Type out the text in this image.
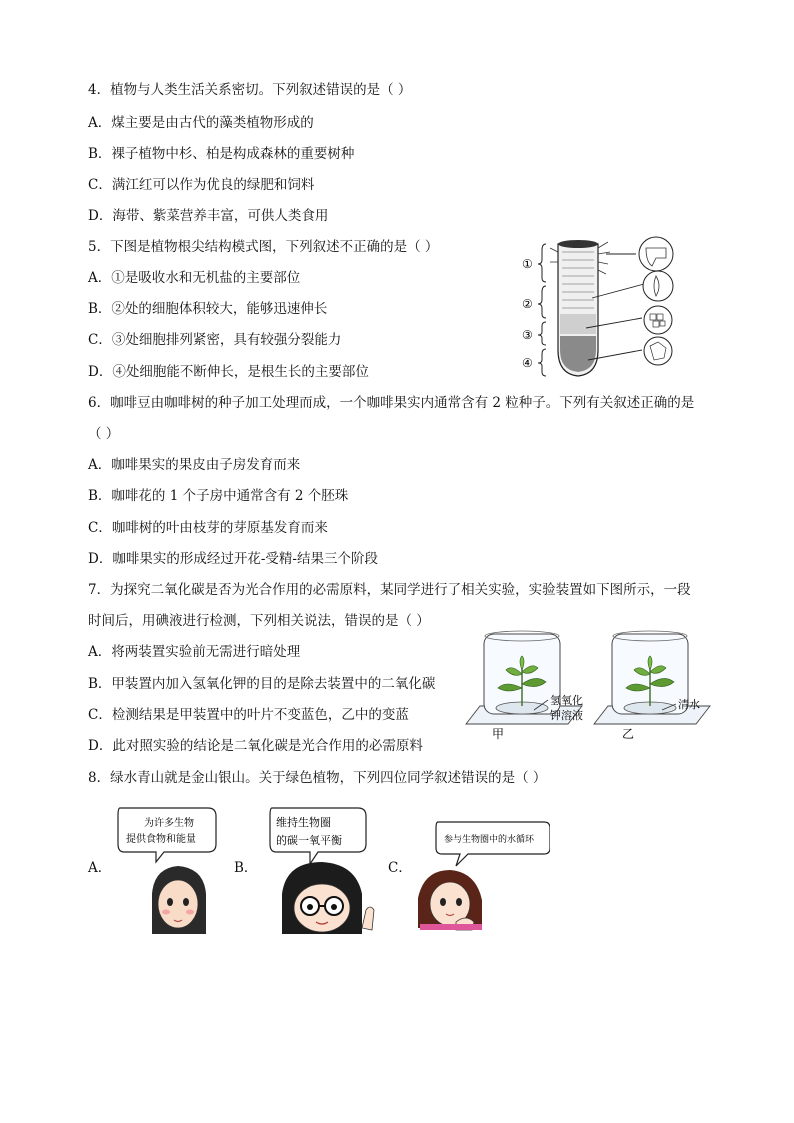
4．植物与人类生活关系密切。下列叙述错误的是（ ）
A．煤主要是由古代的藻类植物形成的
B．裸子植物中杉、柏是构成森林的重要树种
C．满江红可以作为优良的绿肥和饲料
D．海带、紫菜营养丰富，可供人类食用
5．下图是植物根尖结构模式图，下列叙述不正确的是（ ）
A．①是吸收水和无机盐的主要部位
B．②处的细胞体积较大，能够迅速伸长
C．③处细胞排列紧密，具有较强分裂能力
D．④处细胞能不断伸长，是根生长的主要部位
①
②
③
④
6．咖啡豆由咖啡树的种子加工处理而成，一个咖啡果实内通常含有 2 粒种子。下列有关叙述正确的是
（ ）
A．咖啡果实的果皮由子房发育而来
B．咖啡花的 1 个子房中通常含有 2 个胚珠
C．咖啡树的叶由枝芽的芽原基发育而来
D．咖啡果实的形成经过开花-受精-结果三个阶段
7．为探究二氧化碳是否为光合作用的必需原料，某同学进行了相关实验，实验装置如下图所示，一段
时间后，用碘液进行检测，下列相关说法，错误的是（ ）
A．将两装置实验前无需进行暗处理
B．甲装置内加入氢氧化钾的目的是除去装置中的二氧化碳
C．检测结果是甲装置中的叶片不变蓝色，乙中的变蓝
D．此对照实验的结论是二氧化碳是光合作用的必需原料
氢氧化
钾溶液
清水
甲	乙
8．绿水青山就是金山银山。关于绿色植物，下列四位同学叙述错误的是（ ）
A．	B．	C．
为许多生物
提供食物和能量
维持生物圈
的碳一氧平衡	参与生物圈中的水循环
